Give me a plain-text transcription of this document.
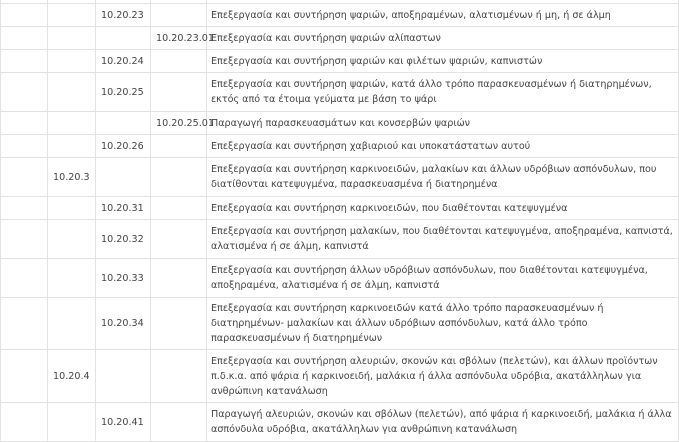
		10.20.23		Επεξεργασία και συντήρηση ψαριών, αποξηραμένων, αλατισμένων ή μη, ή σε άλμη
			10.20.23.01	Επεξεργασία και συντήρηση ψαριών αλίπαστων
		10.20.24		Επεξεργασία και συντήρηση ψαριών και φιλέτων ψαριών, καπνιστών
		10.20.25		Επεξεργασία και συντήρηση ψαριών, κατά άλλο τρόπο παρασκευασμένων ή διατηρημένων, εκτός από τα έτοιμα γεύματα με βάση το ψάρι
			10.20.25.01	Παραγωγή παρασκευασμάτων και κονσερβών ψαριών
		10.20.26		Επεξεργασία και συντήρηση χαβιαριού και υποκατάστατων αυτού
	10.20.3			Επεξεργασία και συντήρηση καρκινοειδών, μαλακίων και άλλων υδρόβιων ασπόνδυλων, που διατίθονται κατεψυγμένα, παρασκευασμένα ή διατηρημένα
		10.20.31		Επεξεργασία και συντήρηση καρκινοειδών, που διαθέτονται κατεψυγμένα
		10.20.32		Επεξεργασία και συντήρηση μαλακίων, που διαθέτονται κατεψυγμένα, αποξηραμένα, καπνιστά, αλατισμένα ή σε άλμη, καπνιστά
		10.20.33		Επεξεργασία και συντήρηση άλλων υδρόβιων ασπόνδυλων, που διαθέτονται κατεψυγμένα, αποξηραμένα, αλατισμένα ή σε άλμη, καπνιστά
		10.20.34		Επεξεργασία και συντήρηση καρκινοειδών κατά άλλο τρόπο παρασκευασμένων ή διατηρημένων- μαλακίων και άλλων υδρόβιων ασπόνδυλων, κατά άλλο τρόπο παρασκευασμένων ή διατηρημένων
	10.20.4			Επεξεργασία και συντήρηση αλευριών, σκονών και σβόλων (πελετών), και άλλων προϊόντων π.δ.κ.α. από ψάρια ή καρκινοειδή, μαλάκια ή άλλα ασπόνδυλα υδρόβια, ακατάλληλων για ανθρώπινη κατανάλωση
		10.20.41		Παραγωγή αλευριών, σκονών και σβόλων (πελετών), από ψάρια ή καρκινοειδή, μαλάκια ή άλλα ασπόνδυλα υδρόβια, ακατάλληλων για ανθρώπινη κατανάλωση
